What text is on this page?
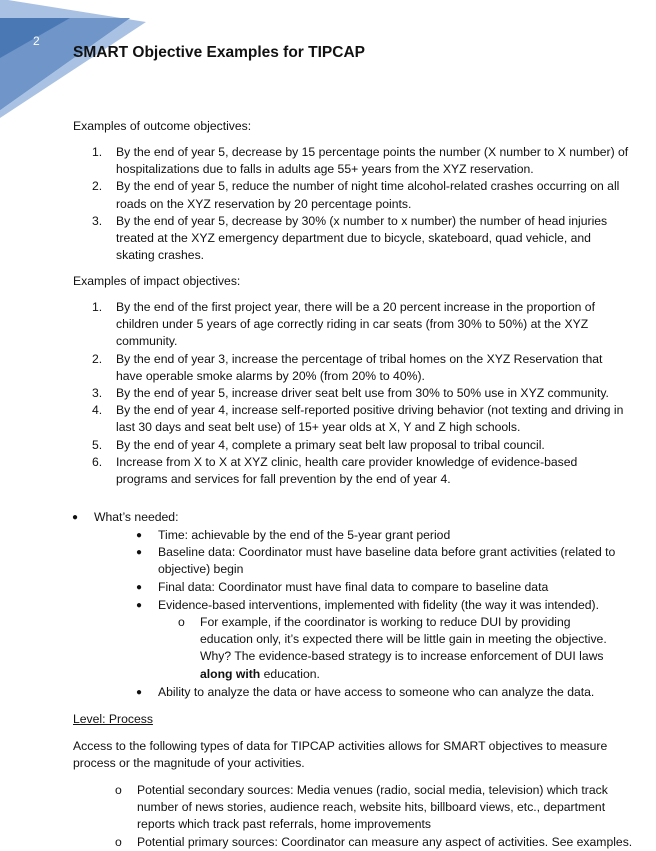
2
SMART Objective Examples for TIPCAP

Examples of outcome objectives:

1. By the end of year 5, decrease by 15 percentage points the number (X number to X number) of hospitalizations due to falls in adults age 55+ years from the XYZ reservation.
2. By the end of year 5, reduce the number of night time alcohol-related crashes occurring on all roads on the XYZ reservation by 20 percentage points.
3. By the end of year 5, decrease by 30% (x number to x number) the number of head injuries treated at the XYZ emergency department due to bicycle, skateboard, quad vehicle, and skating crashes.

Examples of impact objectives:

1. By the end of the first project year, there will be a 20 percent increase in the proportion of children under 5 years of age correctly riding in car seats (from 30% to 50%) at the XYZ community.
2. By the end of year 3, increase the percentage of tribal homes on the XYZ Reservation that have operable smoke alarms by 20% (from 20% to 40%).
3. By the end of year 5, increase driver seat belt use from 30% to 50% use in XYZ community.
4. By the end of year 4, increase self-reported positive driving behavior (not texting and driving in last 30 days and seat belt use) of 15+ year olds at X, Y and Z high schools.
5. By the end of year 4, complete a primary seat belt law proposal to tribal council.
6. Increase from X to X at XYZ clinic, health care provider knowledge of evidence-based programs and services for fall prevention by the end of year 4.
● What’s needed:
● Time: achievable by the end of the 5-year grant period
● Baseline data: Coordinator must have baseline data before grant activities (related to objective) begin
● Final data: Coordinator must have final data to compare to baseline data
● Evidence-based interventions, implemented with fidelity (the way it was intended).
o For example, if the coordinator is working to reduce DUI by providing education only, it’s expected there will be little gain in meeting the objective. Why? The evidence-based strategy is to increase enforcement of DUI laws along with education.
● Ability to analyze the data or have access to someone who can analyze the data.

Level: Process

Access to the following types of data for TIPCAP activities allows for SMART objectives to measure process or the magnitude of your activities.

o Potential secondary sources: Media venues (radio, social media, television) which track number of news stories, audience reach, website hits, billboard views, etc., department reports which track past referrals, home improvements
o Potential primary sources: Coordinator can measure any aspect of activities. See examples.
